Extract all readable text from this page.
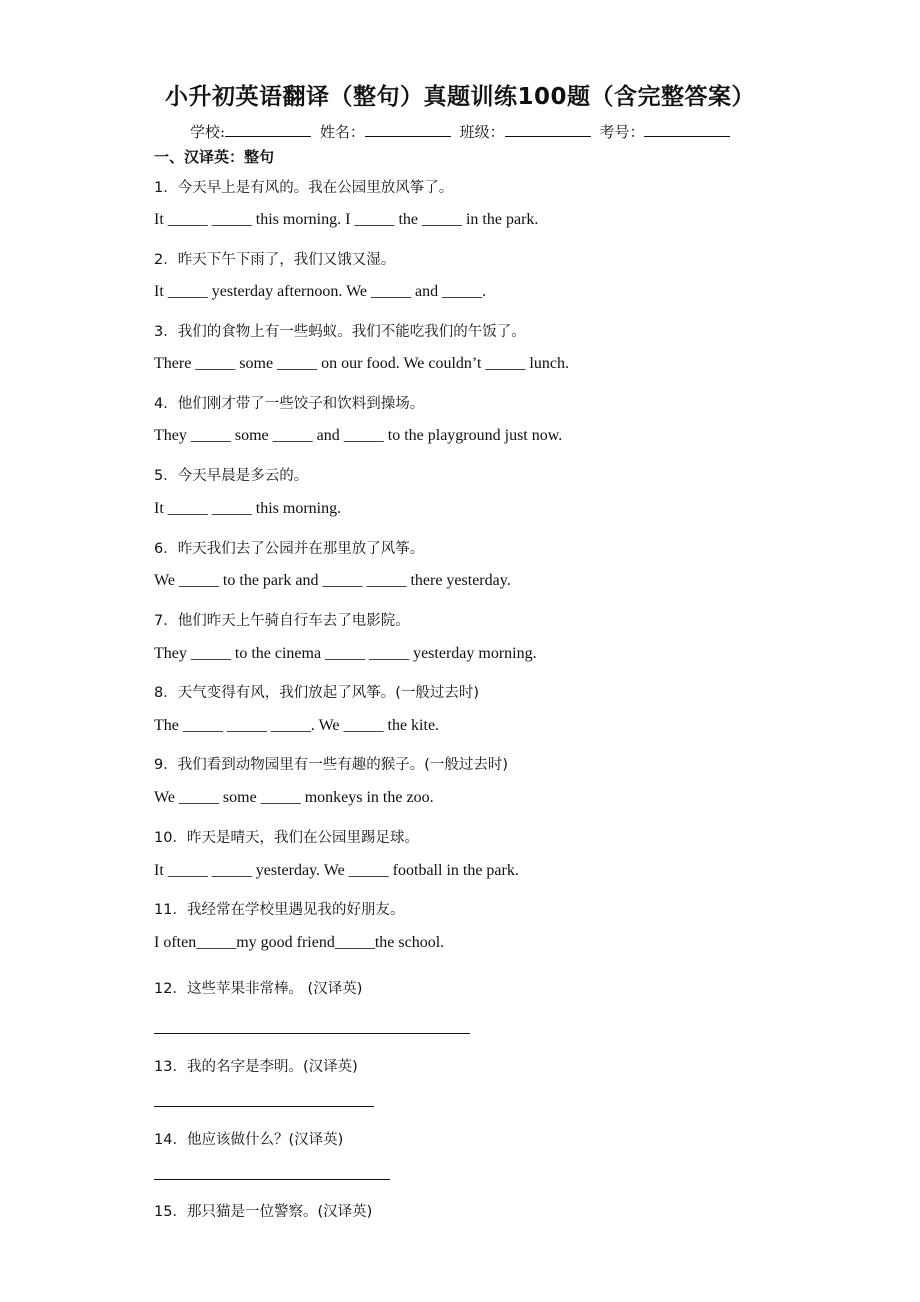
小升初英语翻译（整句）真题训练100题（含完整答案）
学校:	姓名：	班级：	考号：
一、汉译英：整句
1．今天早上是有风的。我在公园里放风筝了。
It _____ _____ this morning. I _____ the _____ in the park.
2．昨天下午下雨了，我们又饿又湿。
It _____ yesterday afternoon. We _____ and _____.
3．我们的食物上有一些蚂蚁。我们不能吃我们的午饭了。
There _____ some _____ on our food. We couldn’t _____ lunch.
4．他们刚才带了一些饺子和饮料到操场。
They _____ some _____ and _____ to the playground just now.
5．今天早晨是多云的。
It _____ _____ this morning.
6．昨天我们去了公园并在那里放了风筝。
We _____ to the park and _____ _____ there yesterday.
7．他们昨天上午骑自行车去了电影院。
They _____ to the cinema _____ _____ yesterday morning.
8．天气变得有风，我们放起了风筝。(一般过去时)
The _____ _____ _____. We _____ the kite.
9．我们看到动物园里有一些有趣的猴子。(一般过去时)
We _____ some _____ monkeys in the zoo.
10．昨天是晴天，我们在公园里踢足球。
It _____ _____ yesterday. We _____ football in the park.
11．我经常在学校里遇见我的好朋友。
I often_____my good friend_____the school.
12．这些苹果非常棒。 (汉译英)
13．我的名字是李明。(汉译英)
14．他应该做什么？(汉译英)
15．那只猫是一位警察。(汉译英)
